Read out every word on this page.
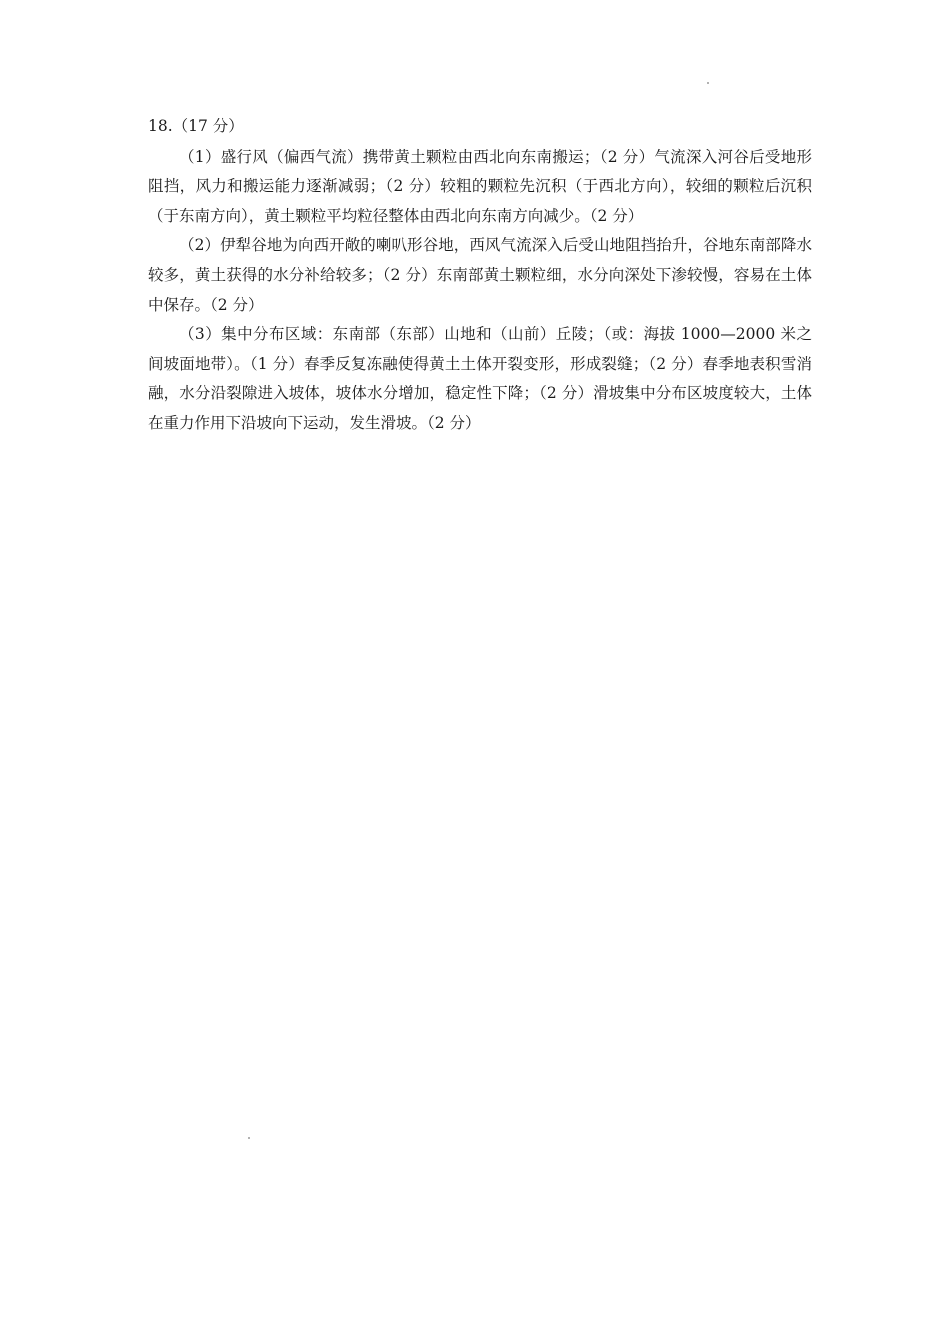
18.（17 分）

（1）盛行风（偏西气流）携带黄土颗粒由西北向东南搬运；（2 分）气流深入河谷后受地形阻挡，风力和搬运能力逐渐减弱；（2 分）较粗的颗粒先沉积（于西北方向），较细的颗粒后沉积（于东南方向），黄土颗粒平均粒径整体由西北向东南方向减少。（2 分）

（2）伊犁谷地为向西开敞的喇叭形谷地，西风气流深入后受山地阻挡抬升，谷地东南部降水较多，黄土获得的水分补给较多；（2 分）东南部黄土颗粒细，水分向深处下渗较慢，容易在土体中保存。（2 分）

（3）集中分布区域：东南部（东部）山地和（山前）丘陵；（或：海拔 1000—2000 米之间坡面地带）。（1 分）春季反复冻融使得黄土土体开裂变形，形成裂缝；（2 分）春季地表积雪消融，水分沿裂隙进入坡体，坡体水分增加，稳定性下降；（2 分）滑坡集中分布区坡度较大，土体在重力作用下沿坡向下运动，发生滑坡。（2 分）
